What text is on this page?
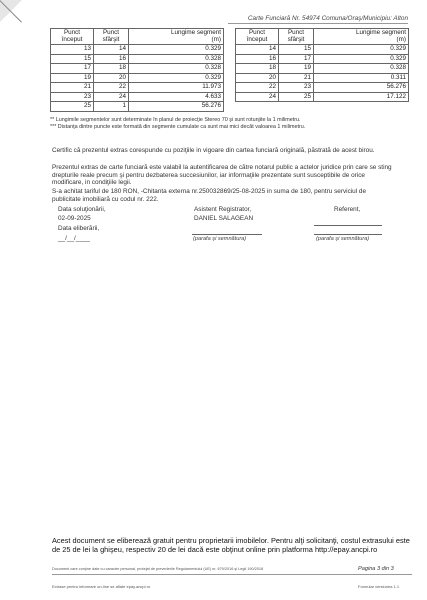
Carte Funciară Nr. 54974 Comuna/Oraş/Municipiu: Alton
Punct început	Punct sfârşit	Lungime segment
(m)

13	14	0.329
15	16	0.328
17	18	0.328
19	20	0.329
21	22	11.973
23	24	4.633
25	1	56.276
Punct început	Punct sfârşit	Lungime segment
(m)

14	15	0.329
16	17	0.329
18	19	0.328
20	21	0.311
22	23	56.276
24	25	17.122
** Lungimile segmentelor sunt determinate în planul de proiecţie Stereo 70 şi sunt rotunjite la 1 milimetru.
*** Distanţa dintre puncte este formată din segmente cumulate ca sunt mai mici decât valoarea 1 milimetru.
Certific că prezentul extras corespunde cu poziţiile in vigoare din cartea funciară originală, păstrată de acest birou.
Prezentul extras de carte funciară este valabil la autentificarea de către notarul public a actelor juridice prin care se sting drepturile reale precum şi pentru dezbaterea succesiunilor, iar informaţiile prezentate sunt susceptibile de orice modificare, in condiţiile legii.
S-a achitat tariful de 180 RON, -Chitanta externa nr.250032869/25-08-2025 in suma de 180, pentru serviciul de publicitate imobiliară cu codul nr. 222.
Data soluţionării,
02-09-2025
Data eliberării,
__/__/____
Asistent Registrator,
DANIEL SALAGEAN
(parafa şi semnătura)
Referent,
(parafa şi semnătura)
Acest document se eliberează gratuit pentru proprietarii imobilelor. Pentru alţi solicitanţi, costul extrasului este de 25 de lei la ghişeu, respectiv 20 de lei dacă este obţinut online prin platforma http://epay.ancpi.ro
Document care conţine date cu caracter personal, protejat de prevederile Regulamentului (UE) nr. 679/2016 şi Legii 190/2018	Pagina 3 din 3
Extrase pentru informare on-line se aflate epay.ancpi.ro	Formular versiunea 1.1
